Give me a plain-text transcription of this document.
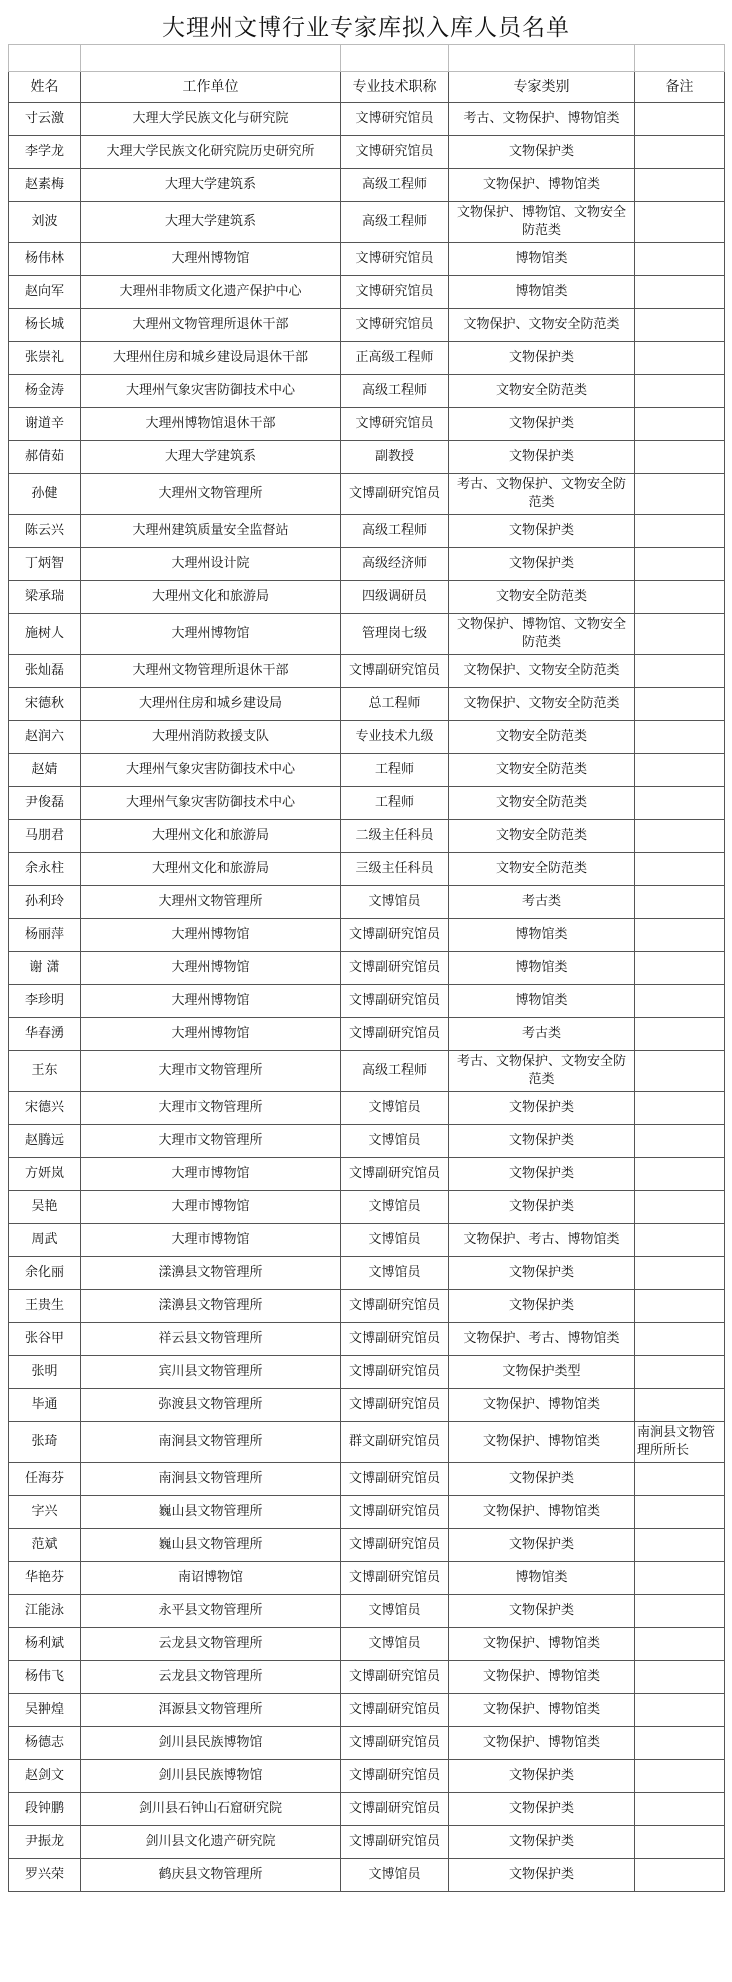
大理州文博行业专家库拟入库人员名单

姓名	工作单位	专业技术职称	专家类别	备注
寸云激	大理大学民族文化与研究院	文博研究馆员	考古、文物保护、博物馆类	
李学龙	大理大学民族文化研究院历史研究所	文博研究馆员	文物保护类	
赵素梅	大理大学建筑系	高级工程师	文物保护、博物馆类	
刘波	大理大学建筑系	高级工程师	文物保护、博物馆、文物安全防范类	
杨伟林	大理州博物馆	文博研究馆员	博物馆类	
赵向军	大理州非物质文化遗产保护中心	文博研究馆员	博物馆类	
杨长城	大理州文物管理所退休干部	文博研究馆员	文物保护、文物安全防范类	
张崇礼	大理州住房和城乡建设局退休干部	正高级工程师	文物保护类	
杨金涛	大理州气象灾害防御技术中心	高级工程师	文物安全防范类	
谢道辛	大理州博物馆退休干部	文博研究馆员	文物保护类	
郝倩茹	大理大学建筑系	副教授	文物保护类	
孙健	大理州文物管理所	文博副研究馆员	考古、文物保护、文物安全防范类	
陈云兴	大理州建筑质量安全监督站	高级工程师	文物保护类	
丁炳智	大理州设计院	高级经济师	文物保护类	
梁承瑞	大理州文化和旅游局	四级调研员	文物安全防范类	
施树人	大理州博物馆	管理岗七级	文物保护、博物馆、文物安全防范类	
张灿磊	大理州文物管理所退休干部	文博副研究馆员	文物保护、文物安全防范类	
宋德秋	大理州住房和城乡建设局	总工程师	文物保护、文物安全防范类	
赵润六	大理州消防救援支队	专业技术九级	文物安全防范类	
赵婧	大理州气象灾害防御技术中心	工程师	文物安全防范类	
尹俊磊	大理州气象灾害防御技术中心	工程师	文物安全防范类	
马朋君	大理州文化和旅游局	二级主任科员	文物安全防范类	
余永柱	大理州文化和旅游局	三级主任科员	文物安全防范类	
孙利玲	大理州文物管理所	文博馆员	考古类	
杨丽萍	大理州博物馆	文博副研究馆员	博物馆类	
谢 潇	大理州博物馆	文博副研究馆员	博物馆类	
李珍明	大理州博物馆	文博副研究馆员	博物馆类	
华春湧	大理州博物馆	文博副研究馆员	考古类	
王东	大理市文物管理所	高级工程师	考古、文物保护、文物安全防范类	
宋德兴	大理市文物管理所	文博馆员	文物保护类	
赵腾远	大理市文物管理所	文博馆员	文物保护类	
方妍岚	大理市博物馆	文博副研究馆员	文物保护类	
吴艳	大理市博物馆	文博馆员	文物保护类	
周武	大理市博物馆	文博馆员	文物保护、考古、博物馆类	
余化丽	漾濞县文物管理所	文博馆员	文物保护类	
王贵生	漾濞县文物管理所	文博副研究馆员	文物保护类	
张谷甲	祥云县文物管理所	文博副研究馆员	文物保护、考古、博物馆类	
张明	宾川县文物管理所	文博副研究馆员	文物保护类型	
毕通	弥渡县文物管理所	文博副研究馆员	文物保护、博物馆类	
张琦	南涧县文物管理所	群文副研究馆员	文物保护、博物馆类	南涧县文物管理所所长
任海芬	南涧县文物管理所	文博副研究馆员	文物保护类	
字兴	巍山县文物管理所	文博副研究馆员	文物保护、博物馆类	
范斌	巍山县文物管理所	文博副研究馆员	文物保护类	
华艳芬	南诏博物馆	文博副研究馆员	博物馆类	
江能泳	永平县文物管理所	文博馆员	文物保护类	
杨利斌	云龙县文物管理所	文博馆员	文物保护、博物馆类	
杨伟飞	云龙县文物管理所	文博副研究馆员	文物保护、博物馆类	
吴翀煌	洱源县文物管理所	文博副研究馆员	文物保护、博物馆类	
杨德志	剑川县民族博物馆	文博副研究馆员	文物保护、博物馆类	
赵剑文	剑川县民族博物馆	文博副研究馆员	文物保护类	
段钟鹏	剑川县石钟山石窟研究院	文博副研究馆员	文物保护类	
尹振龙	剑川县文化遗产研究院	文博副研究馆员	文物保护类	
罗兴荣	鹤庆县文物管理所	文博馆员	文物保护类	
